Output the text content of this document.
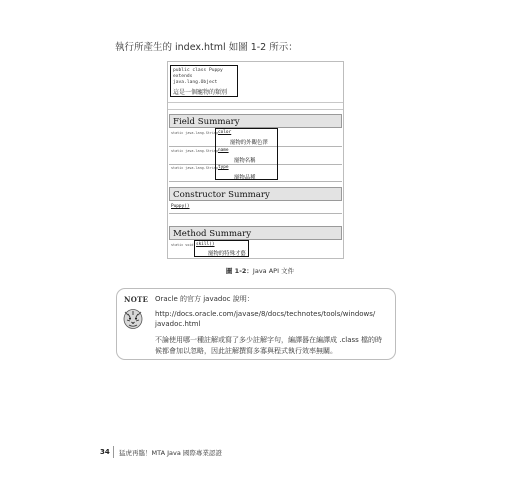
執行所產生的 index.html 如圖 1-2 所示：
public class Puppy
extends java.lang.Object
這是一個寵物的類別
Field Summary
static java.lang.String color
寵物的外觀色澤
static java.lang.String name
寵物名稱
static java.lang.String type
寵物品種
Constructor Summary
Puppy()
Method Summary
static void skill()
寵物的特殊才藝
圖 1-2：Java API 文件
NOTE Oracle 的官方 javadoc 說明：
http://docs.oracle.com/javase/8/docs/technotes/tools/windows/
javadoc.html
不論使用哪一種註解或寫了多少註解字句，編譯器在編譯成 .class 檔的時
候都會加以忽略，因此註解撰寫多寡與程式執行效率無關。
34 猛虎再臨！MTA Java 國際專業認證
